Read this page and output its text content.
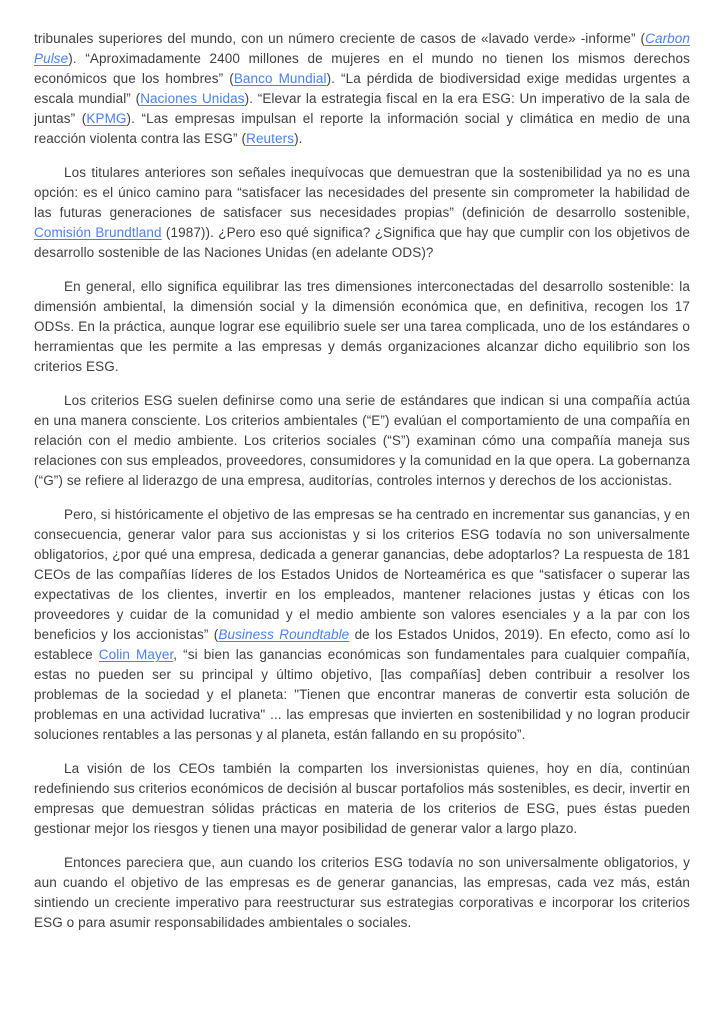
tribunales superiores del mundo, con un número creciente de casos de «lavado verde» -informe” (Carbon Pulse). “Aproximadamente 2400 millones de mujeres en el mundo no tienen los mismos derechos económicos que los hombres” (Banco Mundial). “La pérdida de biodiversidad exige medidas urgentes a escala mundial” (Naciones Unidas). “Elevar la estrategia fiscal en la era ESG: Un imperativo de la sala de juntas” (KPMG). “Las empresas impulsan el reporte la información social y climática en medio de una reacción violenta contra las ESG” (Reuters).

Los titulares anteriores son señales inequívocas que demuestran que la sostenibilidad ya no es una opción: es el único camino para “satisfacer las necesidades del presente sin comprometer la habilidad de las futuras generaciones de satisfacer sus necesidades propias” (definición de desarrollo sostenible, Comisión Brundtland (1987)). ¿Pero eso qué significa? ¿Significa que hay que cumplir con los objetivos de desarrollo sostenible de las Naciones Unidas (en adelante ODS)?

En general, ello significa equilibrar las tres dimensiones interconectadas del desarrollo sostenible: la dimensión ambiental, la dimensión social y la dimensión económica que, en definitiva, recogen los 17 ODSs. En la práctica, aunque lograr ese equilibrio suele ser una tarea complicada, uno de los estándares o herramientas que les permite a las empresas y demás organizaciones alcanzar dicho equilibrio son los criterios ESG.

Los criterios ESG suelen definirse como una serie de estándares que indican si una compañía actúa en una manera consciente. Los criterios ambientales (“E”) evalúan el comportamiento de una compañía en relación con el medio ambiente. Los criterios sociales (“S”) examinan cómo una compañía maneja sus relaciones con sus empleados, proveedores, consumidores y la comunidad en la que opera. La gobernanza (“G”) se refiere al liderazgo de una empresa, auditorías, controles internos y derechos de los accionistas.

Pero, si históricamente el objetivo de las empresas se ha centrado en incrementar sus ganancias, y en consecuencia, generar valor para sus accionistas y si los criterios ESG todavía no son universalmente obligatorios, ¿por qué una empresa, dedicada a generar ganancias, debe adoptarlos? La respuesta de 181 CEOs de las compañías líderes de los Estados Unidos de Norteamérica es que “satisfacer o superar las expectativas de los clientes, invertir en los empleados, mantener relaciones justas y éticas con los proveedores y cuidar de la comunidad y el medio ambiente son valores esenciales y a la par con los beneficios y los accionistas” (Business Roundtable de los Estados Unidos, 2019). En efecto, como así lo establece Colin Mayer, “si bien las ganancias económicas son fundamentales para cualquier compañía, estas no pueden ser su principal y último objetivo, [las compañías] deben contribuir a resolver los problemas de la sociedad y el planeta: "Tienen que encontrar maneras de convertir esta solución de problemas en una actividad lucrativa" ... las empresas que invierten en sostenibilidad y no logran producir soluciones rentables a las personas y al planeta, están fallando en su propósito”.

La visión de los CEOs también la comparten los inversionistas quienes, hoy en día, continúan redefiniendo sus criterios económicos de decisión al buscar portafolios más sostenibles, es decir, invertir en empresas que demuestran sólidas prácticas en materia de los criterios de ESG, pues éstas pueden gestionar mejor los riesgos y tienen una mayor posibilidad de generar valor a largo plazo.

Entonces pareciera que, aun cuando los criterios ESG todavía no son universalmente obligatorios, y aun cuando el objetivo de las empresas es de generar ganancias, las empresas, cada vez más, están sintiendo un creciente imperativo para reestructurar sus estrategias corporativas e incorporar los criterios ESG o para asumir responsabilidades ambientales o sociales.
